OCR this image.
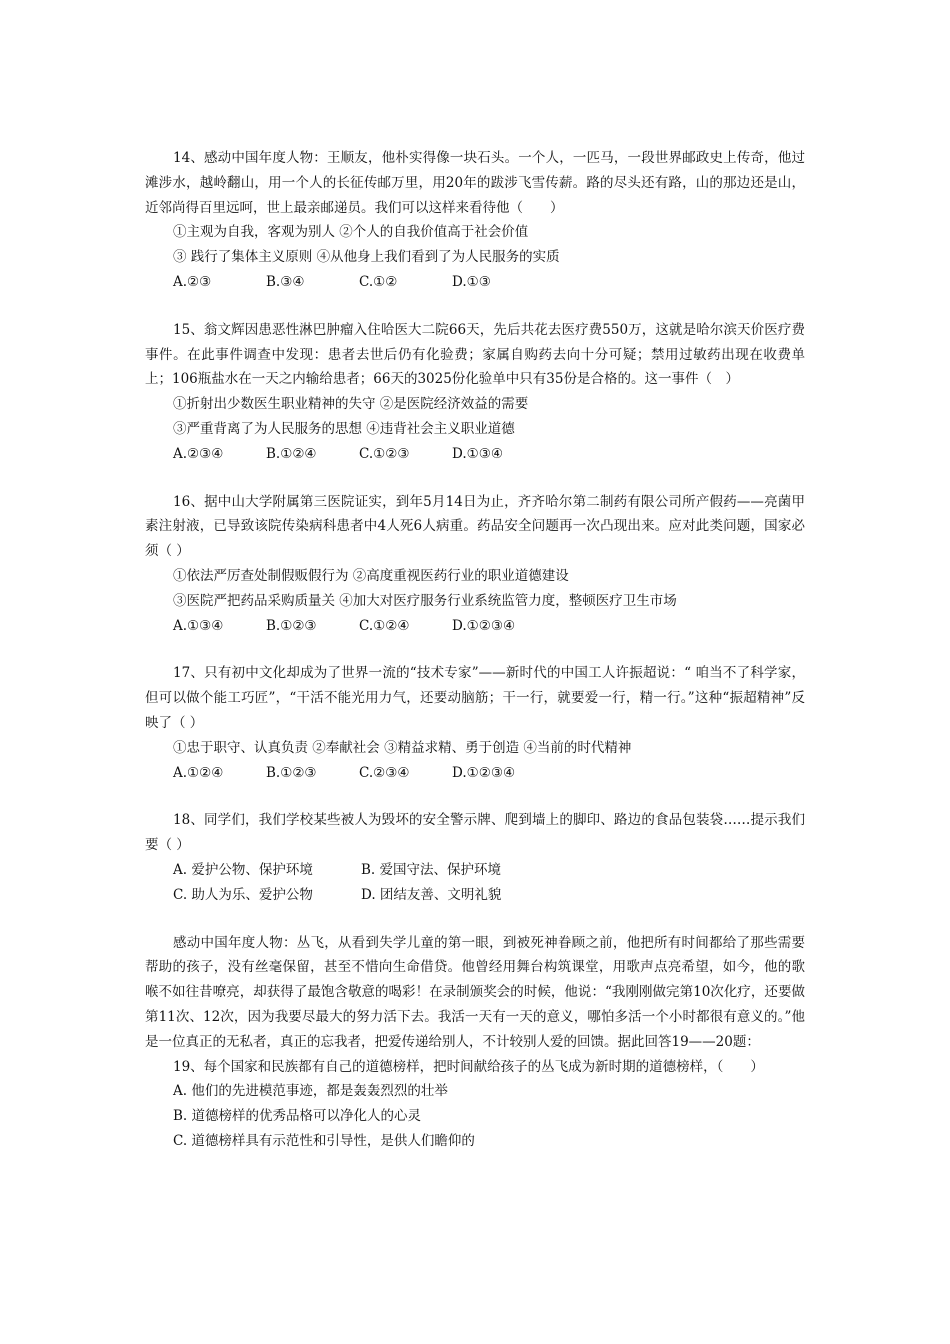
14、感动中国年度人物：王顺友，他朴实得像一块石头。一个人，一匹马，一段世界邮政史上传奇，他过滩涉水，越岭翻山，用一个人的长征传邮万里，用20年的跋涉飞雪传薪。路的尽头还有路，山的那边还是山，近邻尚得百里远呵，世上最亲邮递员。我们可以这样来看待他（　　）

①主观为自我，客观为别人 ②个人的自我价值高于社会价值

③ 践行了集体主义原则 ④从他身上我们看到了为人民服务的实质

A.②③	B.③④	C.①②	D.①③

15、翁文辉因患恶性淋巴肿瘤入住哈医大二院66天，先后共花去医疗费550万，这就是哈尔滨天价医疗费事件。在此事件调查中发现：患者去世后仍有化验费；家属自购药去向十分可疑；禁用过敏药出现在收费单上；106瓶盐水在一天之内输给患者；66天的3025份化验单中只有35份是合格的。这一事件（　）

①折射出少数医生职业精神的失守 ②是医院经济效益的需要

③严重背离了为人民服务的思想 ④违背社会主义职业道德

A.②③④	B.①②④	C.①②③	D.①③④

16、据中山大学附属第三医院证实，到年5月14日为止，齐齐哈尔第二制药有限公司所产假药——亮菌甲素注射液，已导致该院传染病科患者中4人死6人病重。药品安全问题再一次凸现出来。应对此类问题，国家必须（ ）

①依法严厉查处制假贩假行为 ②高度重视医药行业的职业道德建设

③医院严把药品采购质量关 ④加大对医疗服务行业系统监管力度，整顿医疗卫生市场

A.①③④	B.①②③	C.①②④	D.①②③④

17、只有初中文化却成为了世界一流的“技术专家”——新时代的中国工人许振超说：“ 咱当不了科学家，但可以做个能工巧匠”，“干活不能光用力气，还要动脑筋；干一行，就要爱一行，精一行。”这种“振超精神”反映了（ ）

①忠于职守、认真负责 ②奉献社会 ③精益求精、勇于创造 ④当前的时代精神

A.①②④	B.①②③	C.②③④	D.①②③④

18、同学们，我们学校某些被人为毁坏的安全警示牌、爬到墙上的脚印、路边的食品包装袋……提示我们要（ ）

A. 爱护公物、保护环境	B. 爱国守法、保护环境
C. 助人为乐、爱护公物	D. 团结友善、文明礼貌

感动中国年度人物：丛飞，从看到失学儿童的第一眼，到被死神眷顾之前，他把所有时间都给了那些需要帮助的孩子，没有丝毫保留，甚至不惜向生命借贷。他曾经用舞台构筑课堂，用歌声点亮希望，如今，他的歌喉不如往昔嘹亮，却获得了最饱含敬意的喝彩！在录制颁奖会的时候，他说：“我刚刚做完第10次化疗，还要做第11次、12次，因为我要尽最大的努力活下去。我活一天有一天的意义，哪怕多活一个小时都很有意义的。”他是一位真正的无私者，真正的忘我者，把爱传递给别人，不计较别人爱的回馈。据此回答19——20题：

19、每个国家和民族都有自己的道德榜样，把时间献给孩子的丛飞成为新时期的道德榜样，（　　）

A. 他们的先进模范事迹，都是轰轰烈烈的壮举

B. 道德榜样的优秀品格可以净化人的心灵

C. 道德榜样具有示范性和引导性，是供人们瞻仰的
